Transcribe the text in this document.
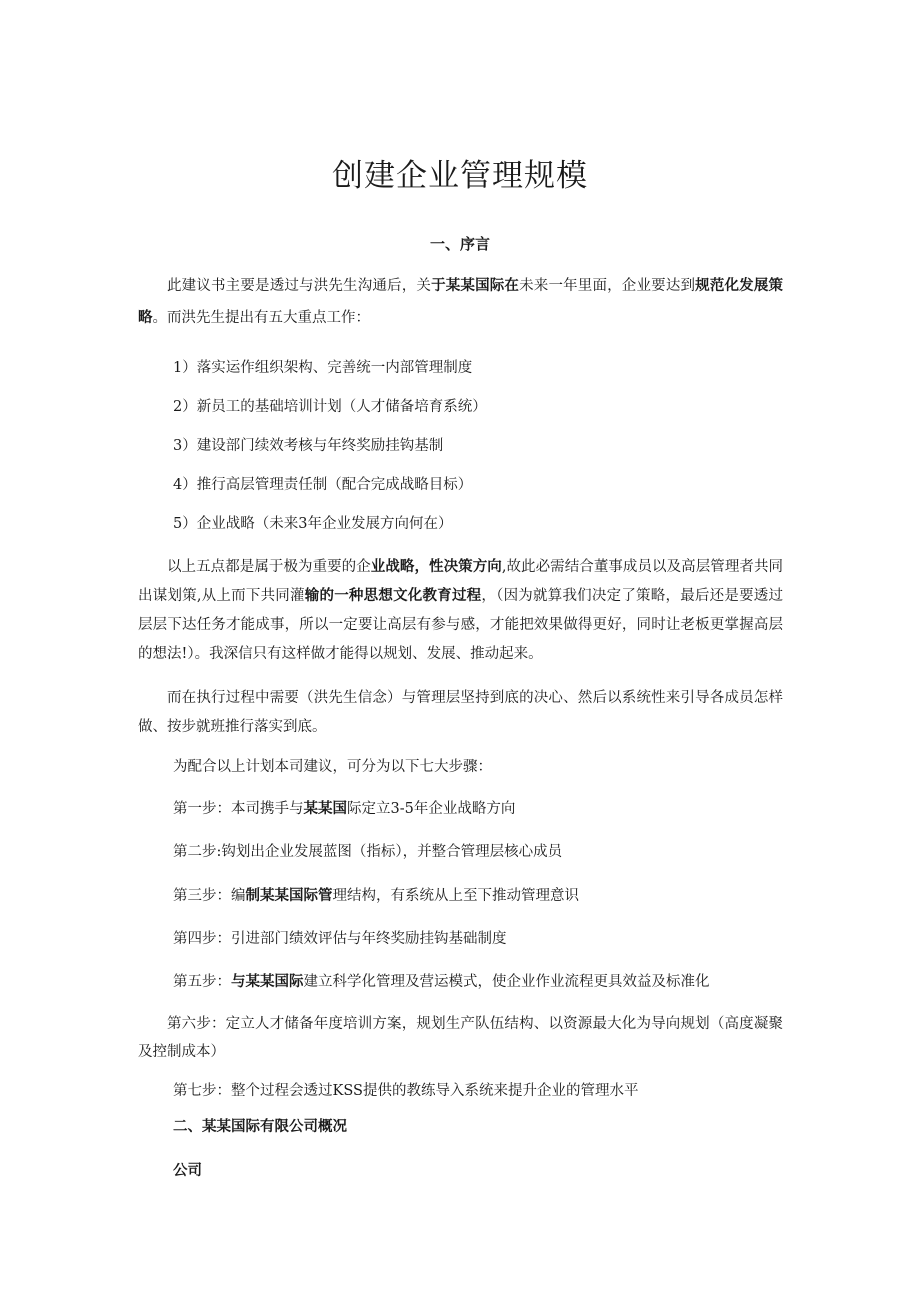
创建企业管理规模
一、序言

此建议书主要是透过与洪先生沟通后，关于某某国际在未来一年里面，企业要达到规范化发展策略。而洪先生提出有五大重点工作：

1）落实运作组织架构、完善统一内部管理制度

2）新员工的基础培训计划（人才储备培育系统）

3）建设部门续效考核与年终奖励挂钩基制

4）推行高层管理责任制（配合完成战略目标）

5）企业战略（未来3年企业发展方向何在）

以上五点都是属于极为重要的企业战略，性决策方向,故此必需结合董事成员以及高层管理者共同出谋划策,从上而下共同灌输的一种思想文化教育过程，（因为就算我们决定了策略，最后还是要透过层层下达任务才能成事，所以一定要让高层有参与感，才能把效果做得更好，同时让老板更掌握高层的想法!）。我深信只有这样做才能得以规划、发展、推动起来。

而在执行过程中需要（洪先生信念）与管理层坚持到底的决心、然后以系统性来引导各成员怎样做、按步就班推行落实到底。

为配合以上计划本司建议，可分为以下七大步骤：

第一步：本司携手与某某国际定立3-5年企业战略方向

第二步:钩划出企业发展蓝图（指标），并整合管理层核心成员

第三步：编制某某国际管理结构，有系统从上至下推动管理意识

第四步：引进部门绩效评估与年终奖励挂钩基础制度

第五步：与某某国际建立科学化管理及营运模式，使企业作业流程更具效益及标准化

第六步：定立人才储备年度培训方案，规划生产队伍结构、以资源最大化为导向规划（高度凝聚及控制成本）

第七步：整个过程会透过KSS提供的教练导入系统来提升企业的管理水平

二、某某国际有限公司概况

公司
